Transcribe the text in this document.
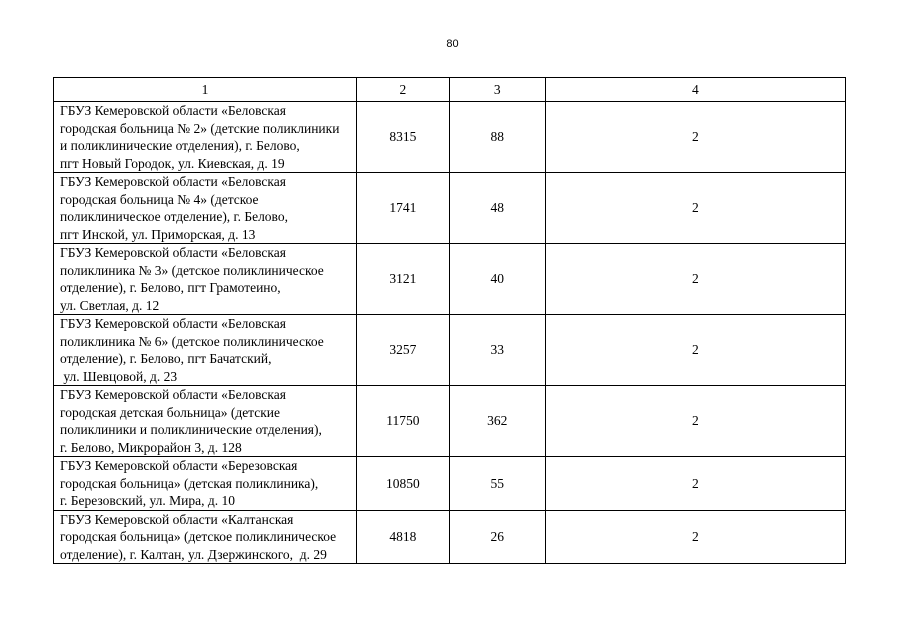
80
1	2	3	4

ГБУЗ Кемеровской области «Беловская
городская больница № 2» (детские поликлиники
и поликлинические отделения), г. Белово,
пгт Новый Городок, ул. Киевская, д. 19	8315	88	2

ГБУЗ Кемеровской области «Беловская
городская больница № 4» (детское
поликлиническое отделение), г. Белово,
пгт Инской, ул. Приморская, д. 13	1741	48	2

ГБУЗ Кемеровской области «Беловская
поликлиника № 3» (детское поликлиническое
отделение), г. Белово, пгт Грамотеино,
ул. Светлая, д. 12	3121	40	2

ГБУЗ Кемеровской области «Беловская
поликлиника № 6» (детское поликлиническое
отделение), г. Белово, пгт Бачатский,
ул. Шевцовой, д. 23	3257	33	2

ГБУЗ Кемеровской области «Беловская
городская детская больница» (детские
поликлиники и поликлинические отделения),
г. Белово, Микрорайон 3, д. 128	11750	362	2

ГБУЗ Кемеровской области «Березовская
городская больница» (детская поликлиника),
г. Березовский, ул. Мира, д. 10	10850	55	2

ГБУЗ Кемеровской области «Калтанская
городская больница» (детское поликлиническое
отделение), г. Калтан, ул. Дзержинского,  д. 29	4818	26	2
